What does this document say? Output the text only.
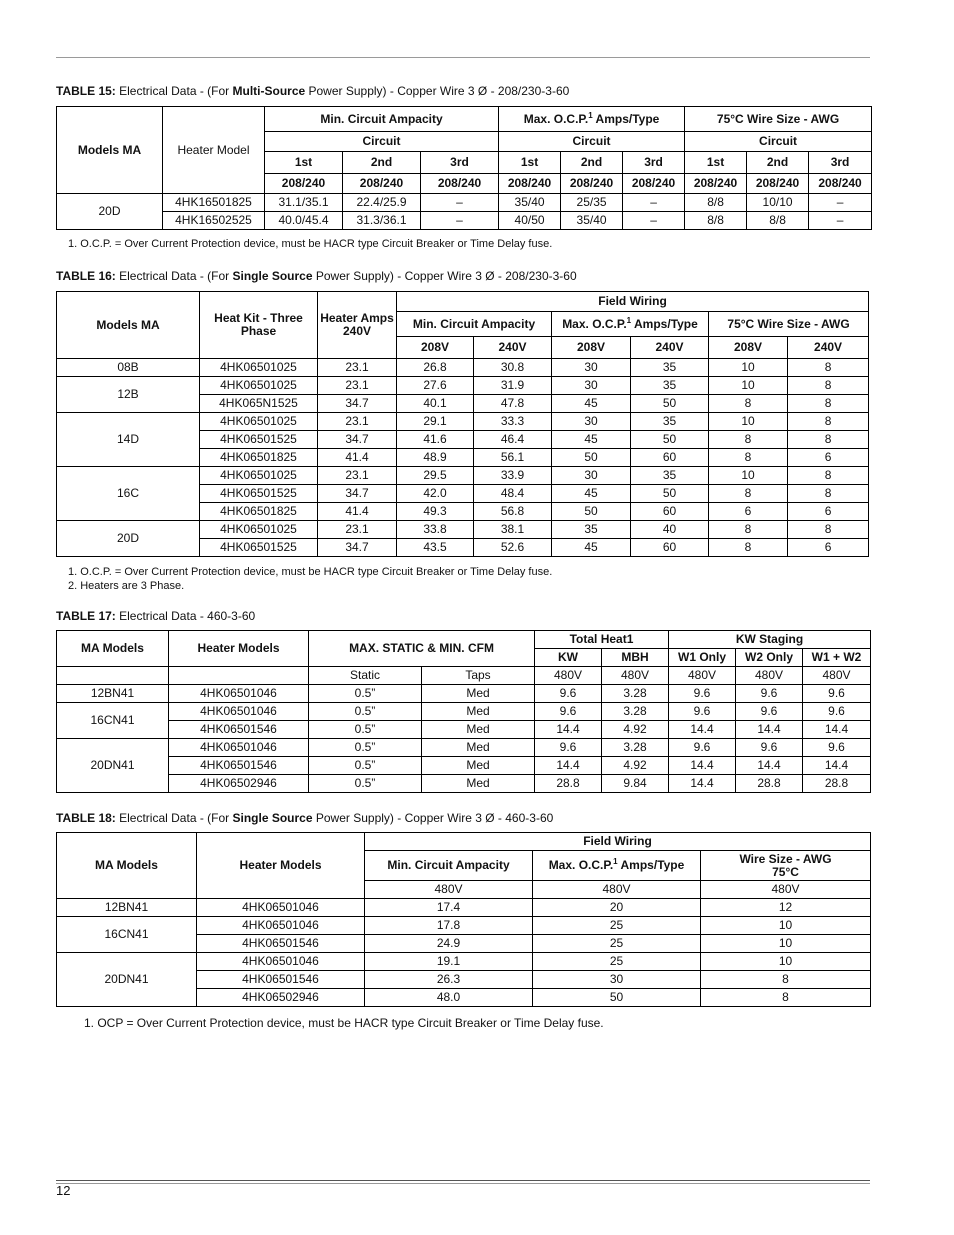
TABLE 15: Electrical Data - (For Multi-Source Power Supply) - Copper Wire 3 Ø - 208/230-3-60
Models MA	Heater Model	Min. Circuit Ampacity			Max. O.C.P.$^1$ Amps/Type			75°C Wire Size - AWG		
		Circuit			Circuit			Circuit		
		1st	2nd	3rd	1st	2nd	3rd	1st	2nd	3rd
		208/240	208/240	208/240	208/240	208/240	208/240	208/240	208/240	208/240
20D	4HK16501825	31.1/35.1	22.4/25.9	–	35/40	25/35	–	8/8	10/10	–
	4HK16502525	40.0/45.4	31.3/36.1	–	40/50	35/40	–	8/8	8/8	–
1. O.C.P. = Over Current Protection device, must be HACR type Circuit Breaker or Time Delay fuse.
TABLE 16: Electrical Data - (For Single Source Power Supply) - Copper Wire 3 Ø - 208/230-3-60
Models MA	Heat Kit - Three Phase	Heater Amps 240V	Field Wiring					
			Min. Circuit Ampacity		Max. O.C.P.$^1$ Amps/Type		75°C Wire Size - AWG	
			208V	240V	208V	240V	208V	240V
08B	4HK06501025	23.1	26.8	30.8	30	35	10	8
12B	4HK06501025	23.1	27.6	31.9	30	35	10	8
	4HK065N1525	34.7	40.1	47.8	45	50	8	8
14D	4HK06501025	23.1	29.1	33.3	30	35	10	8
	4HK06501525	34.7	41.6	46.4	45	50	8	8
	4HK06501825	41.4	48.9	56.1	50	60	8	6
16C	4HK06501025	23.1	29.5	33.9	30	35	10	8
	4HK06501525	34.7	42.0	48.4	45	50	8	8
	4HK06501825	41.4	49.3	56.8	50	60	6	6
20D	4HK06501025	23.1	33.8	38.1	35	40	8	8
	4HK06501525	34.7	43.5	52.6	45	60	8	6
1. O.C.P. = Over Current Protection device, must be HACR type Circuit Breaker or Time Delay fuse.
2. Heaters are 3 Phase.
TABLE 17: Electrical Data - 460-3-60
MA Models	Heater Models	MAX. STATIC & MIN. CFM		Total Heat1		KW Staging		
				KW	MBH	W1 Only	W2 Only	W1 + W2
		Static	Taps	480V	480V	480V	480V	480V
12BN41	4HK06501046	0.5”	Med	9.6	3.28	9.6	9.6	9.6
16CN41	4HK06501046	0.5”	Med	9.6	3.28	9.6	9.6	9.6
	4HK06501546	0.5”	Med	14.4	4.92	14.4	14.4	14.4
20DN41	4HK06501046	0.5”	Med	9.6	3.28	9.6	9.6	9.6
	4HK06501546	0.5”	Med	14.4	4.92	14.4	14.4	14.4
	4HK06502946	0.5”	Med	28.8	9.84	14.4	28.8	28.8
TABLE 18: Electrical Data - (For Single Source Power Supply) - Copper Wire 3 Ø - 460-3-60
MA Models	Heater Models	Field Wiring		
		Min. Circuit Ampacity	Max. O.C.P.$^1$ Amps/Type	Wire Size - AWG 75°C
		480V	480V	480V
12BN41	4HK06501046	17.4	20	12
16CN41	4HK06501046	17.8	25	10
	4HK06501546	24.9	25	10
20DN41	4HK06501046	19.1	25	10
	4HK06501546	26.3	30	8
	4HK06502946	48.0	50	8
1. OCP = Over Current Protection device, must be HACR type Circuit Breaker or Time Delay fuse.
12
